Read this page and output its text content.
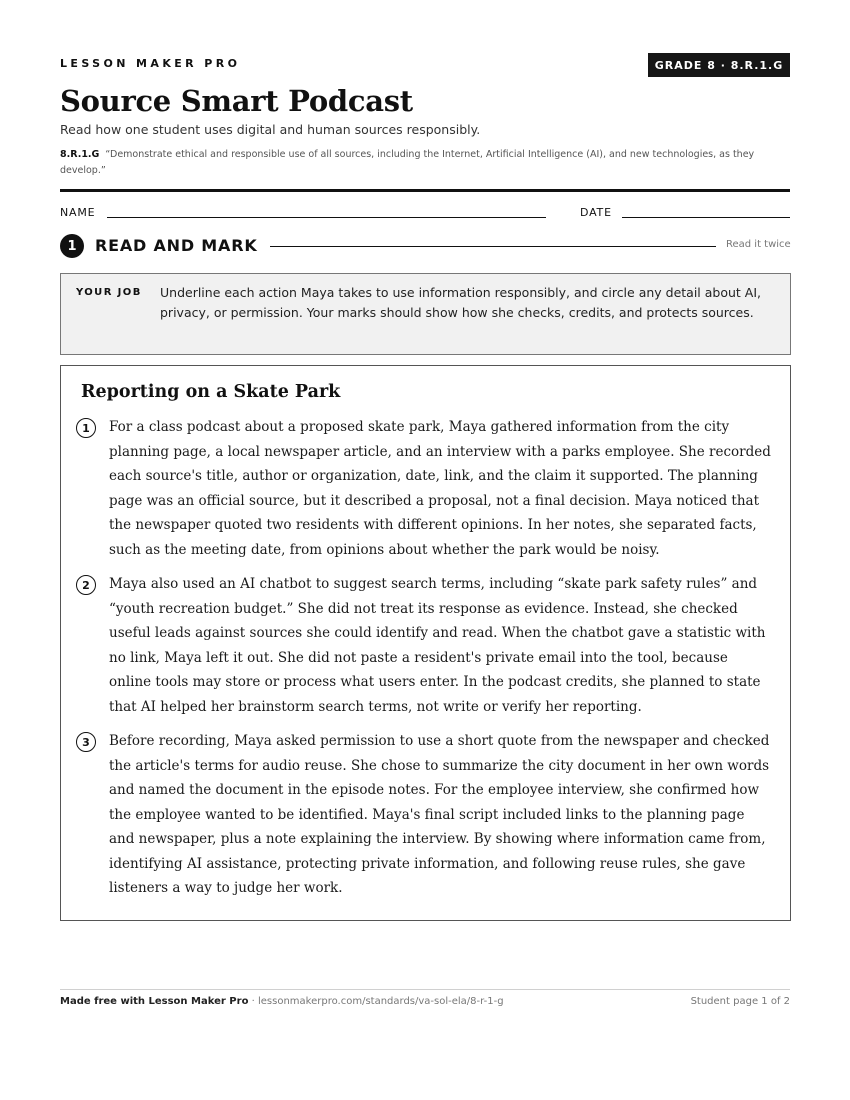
LESSON MAKER PRO	GRADE 8 · 8.R.1.G
Source Smart Podcast
Read how one student uses digital and human sources responsibly.
8.R.1.G “Demonstrate ethical and responsible use of all sources, including the Internet, Artificial Intelligence (AI), and new technologies, as they develop.”
NAME	DATE
1	READ AND MARK	Read it twice
YOUR JOB Underline each action Maya takes to use information responsibly, and circle any detail about AI, privacy, or permission. Your marks should show how she checks, credits, and protects sources.
Reporting on a Skate Park
1	For a class podcast about a proposed skate park, Maya gathered information from the city planning page, a local newspaper article, and an interview with a parks employee. She recorded each source's title, author or organization, date, link, and the claim it supported. The planning page was an official source, but it described a proposal, not a final decision. Maya noticed that the newspaper quoted two residents with different opinions. In her notes, she separated facts, such as the meeting date, from opinions about whether the park would be noisy.

2	Maya also used an AI chatbot to suggest search terms, including “skate park safety rules” and “youth recreation budget.” She did not treat its response as evidence. Instead, she checked useful leads against sources she could identify and read. When the chatbot gave a statistic with no link, Maya left it out. She did not paste a resident's private email into the tool, because online tools may store or process what users enter. In the podcast credits, she planned to state that AI helped her brainstorm search terms, not write or verify her reporting.

3	Before recording, Maya asked permission to use a short quote from the newspaper and checked the article's terms for audio reuse. She chose to summarize the city document in her own words and named the document in the episode notes. For the employee interview, she confirmed how the employee wanted to be identified. Maya's final script included links to the planning page and newspaper, plus a note explaining the interview. By showing where information came from, identifying AI assistance, protecting private information, and following reuse rules, she gave listeners a way to judge her work.

Made free with Lesson Maker Pro · lessonmakerpro.com/standards/va-sol-ela/8-r-1-g	Student page 1 of 2
